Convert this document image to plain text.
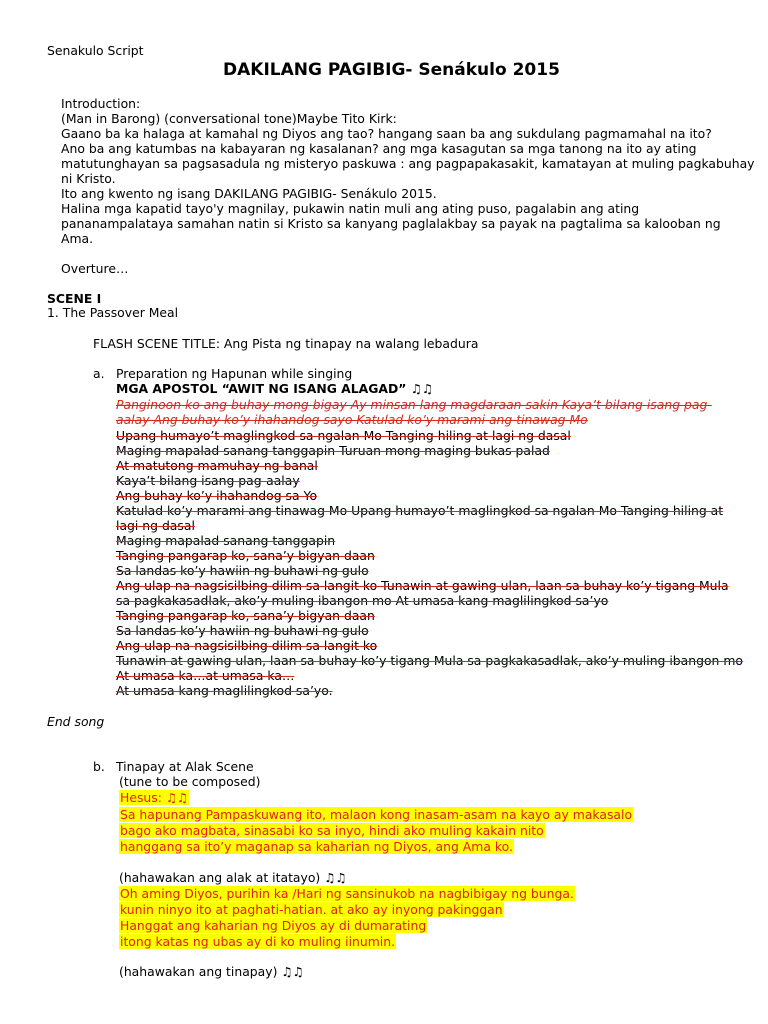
Senakulo Script
DAKILANG PAGIBIG- Senákulo 2015
Introduction:
(Man in Barong) (conversational tone)Maybe Tito Kirk:
Gaano ba ka halaga at kamahal ng Diyos ang tao? hangang saan ba ang sukdulang pagmamahal na ito?
Ano ba ang katumbas na kabayaran ng kasalanan? ang mga kasagutan sa mga tanong na ito ay ating
matutunghayan sa pagsasadula ng misteryo paskuwa : ang pagpapakasakit, kamatayan at muling pagkabuhay
ni Kristo.
Ito ang kwento ng isang DAKILANG PAGIBIG- Senákulo 2015.
Halina mga kapatid tayo'y magnilay, pukawin natin muli ang ating puso, pagalabin ang ating
pananampalataya samahan natin si Kristo sa kanyang paglalakbay sa payak na pagtalima sa kalooban ng
Ama.
Overture…
SCENE I
1. The Passover Meal
FLASH SCENE TITLE: Ang Pista ng tinapay na walang lebadura
a. Preparation ng Hapunan while singing
MGA APOSTOL “AWIT NG ISANG ALAGAD” ♫♫
Panginoon ko ang buhay mong bigay Ay minsan lang magdaraan sakin Kaya’t bilang isang pag-
aalay Ang buhay ko’y ihahandog sayo Katulad ko’y marami ang tinawag Mo
Upang humayo’t maglingkod sa ngalan Mo Tanging hiling at lagi ng dasal
Maging mapalad sanang tanggapin Turuan mong maging bukas palad
At matutong mamuhay ng banal
Kaya’t bilang isang pag-aalay
Ang buhay ko’y ihahandog sa Yo
Katulad ko’y marami ang tinawag Mo Upang humayo’t maglingkod sa ngalan Mo Tanging hiling at
lagi ng dasal
Maging mapalad sanang tanggapin
Tanging pangarap ko, sana’y bigyan daan
Sa landas ko’y hawiin ng buhawi ng gulo
Ang ulap na nagsisilbing dilim sa langit ko Tunawin at gawing ulan, laan sa buhay ko’y tigang Mula
sa pagkakasadlak, ako’y muling ibangon mo At umasa kang maglilingkod sa’yo
Tanging pangarap ko, sana’y bigyan daan
Sa landas ko’y hawiin ng buhawi ng gulo
Ang ulap na nagsisilbing dilim sa langit ko
Tunawin at gawing ulan, laan sa buhay ko’y tigang Mula sa pagkakasadlak, ako’y muling ibangon mo
At umasa ka…at umasa ka…
At umasa kang maglilingkod sa’yo.
End song
b. Tinapay at Alak Scene
(tune to be composed)
Hesus: ♫♫
Sa hapunang Pampaskuwang ito, malaon kong inasam-asam na kayo ay makasalo
bago ako magbata, sinasabi ko sa inyo, hindi ako muling kakain nito
hanggang sa ito’y maganap sa kaharian ng Diyos, ang Ama ko.
(hahawakan ang alak at itatayo) ♫♫
Oh aming Diyos, purihin ka /Hari ng sansinukob na nagbibigay ng bunga.
kunin ninyo ito at paghati-hatian. at ako ay inyong pakinggan
Hanggat ang kaharian ng Diyos ay di dumarating
itong katas ng ubas ay di ko muling iinumin.
(hahawakan ang tinapay) ♫♫
